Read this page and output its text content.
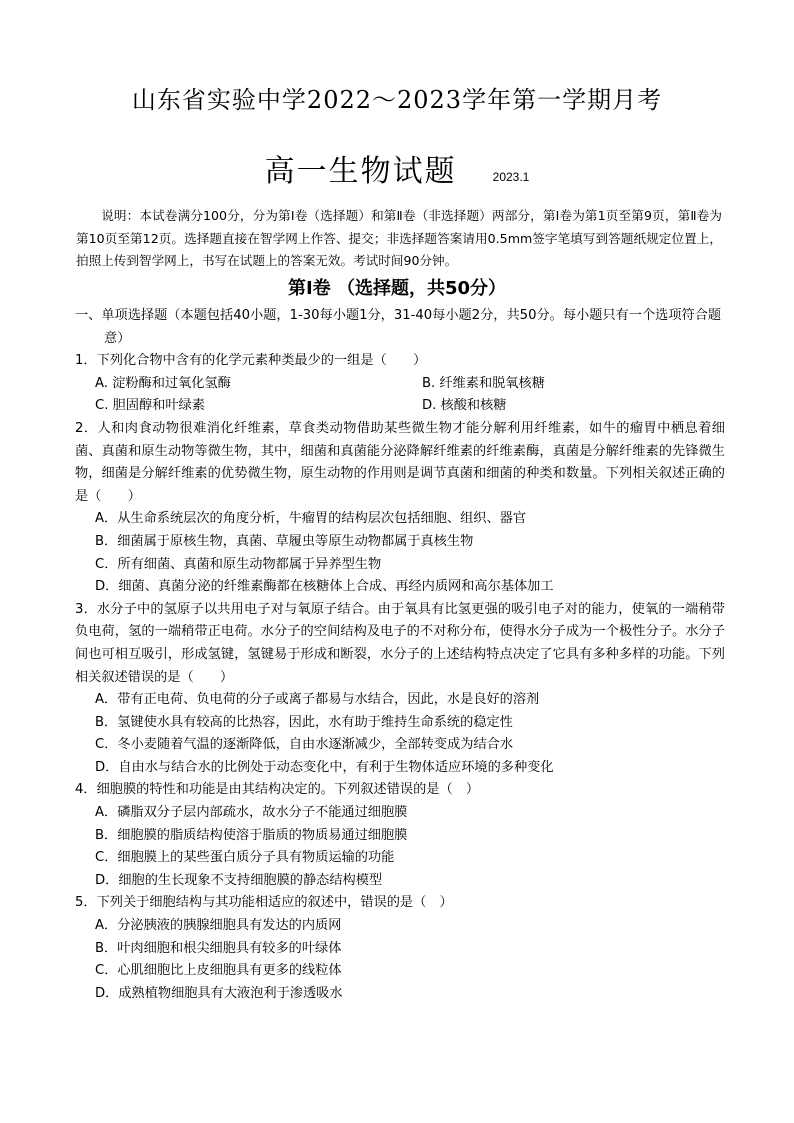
山东省实验中学2022～2023学年第一学期月考
高一生物试题	2023.1
说明：本试卷满分100分，分为第Ⅰ卷（选择题）和第Ⅱ卷（非选择题）两部分，第Ⅰ卷为第1页至第9页，第Ⅱ卷为第10页至第12页。选择题直接在智学网上作答、提交；非选择题答案请用0.5mm签字笔填写到答题纸规定位置上，拍照上传到智学网上，书写在试题上的答案无效。考试时间90分钟。
第Ⅰ卷 （选择题，共50分）
一、单项选择题（本题包括40小题，1-30每小题1分，31-40每小题2分，共50分。每小题只有一个选项符合题意）
1．下列化合物中含有的化学元素种类最少的一组是（　　）
A. 淀粉酶和过氧化氢酶	B. 纤维素和脱氧核糖
C. 胆固醇和叶绿素	D. 核酸和核糖
2．人和肉食动物很难消化纤维素，草食类动物借助某些微生物才能分解利用纤维素，如牛的瘤胃中栖息着细菌、真菌和原生动物等微生物，其中，细菌和真菌能分泌降解纤维素的纤维素酶，真菌是分解纤维素的先锋微生物，细菌是分解纤维素的优势微生物，原生动物的作用则是调节真菌和细菌的种类和数量。下列相关叙述正确的是（　　）
A．从生命系统层次的角度分析，牛瘤胃的结构层次包括细胞、组织、器官
B．细菌属于原核生物，真菌、草履虫等原生动物都属于真核生物
C．所有细菌、真菌和原生动物都属于异养型生物
D．细菌、真菌分泌的纤维素酶都在核糖体上合成、再经内质网和高尔基体加工
3．水分子中的氢原子以共用电子对与氧原子结合。由于氧具有比氢更强的吸引电子对的能力，使氧的一端稍带负电荷，氢的一端稍带正电荷。水分子的空间结构及电子的不对称分布，使得水分子成为一个极性分子。水分子间也可相互吸引，形成氢键，氢键易于形成和断裂，水分子的上述结构特点决定了它具有多种多样的功能。下列相关叙述错误的是（　　）
A．带有正电荷、负电荷的分子或离子都易与水结合，因此，水是良好的溶剂
B．氢键使水具有较高的比热容，因此，水有助于维持生命系统的稳定性
C．冬小麦随着气温的逐渐降低，自由水逐渐减少，全部转变成为结合水
D．自由水与结合水的比例处于动态变化中，有利于生物体适应环境的多种变化
4．细胞膜的特性和功能是由其结构决定的。下列叙述错误的是（　）
A．磷脂双分子层内部疏水，故水分子不能通过细胞膜
B．细胞膜的脂质结构使溶于脂质的物质易通过细胞膜
C．细胞膜上的某些蛋白质分子具有物质运输的功能
D．细胞的生长现象不支持细胞膜的静态结构模型
5．下列关于细胞结构与其功能相适应的叙述中，错误的是（　）
A．分泌胰液的胰腺细胞具有发达的内质网
B．叶肉细胞和根尖细胞具有较多的叶绿体
C．心肌细胞比上皮细胞具有更多的线粒体
D．成熟植物细胞具有大液泡利于渗透吸水
